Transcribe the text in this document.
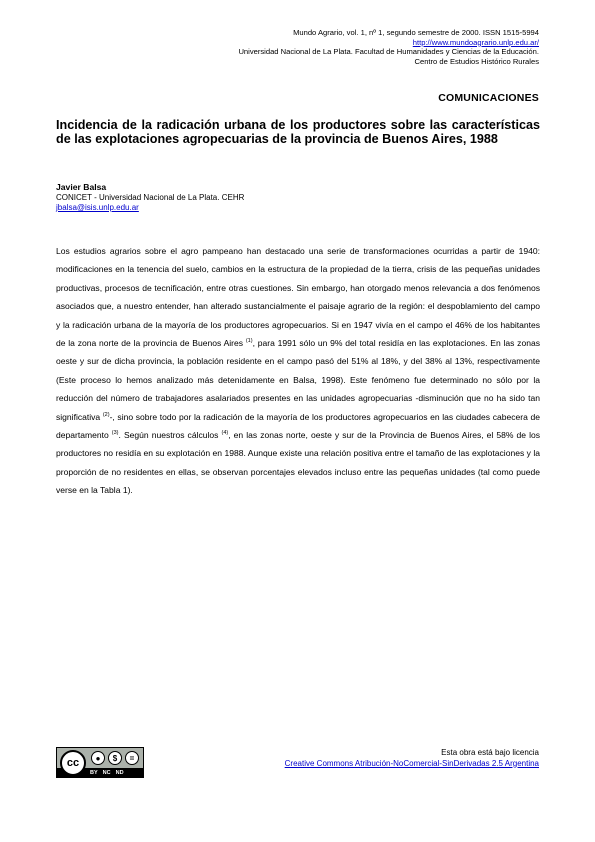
Mundo Agrario, vol. 1, nº 1, segundo semestre de 2000. ISSN 1515-5994
http://www.mundoagrario.unlp.edu.ar/
Universidad Nacional de La Plata. Facultad de Humanidades y Ciencias de la Educación.
Centro de Estudios Histórico Rurales
COMUNICACIONES
Incidencia de la radicación urbana de los productores sobre las características de las explotaciones agropecuarias de la provincia de Buenos Aires, 1988
Javier Balsa
CONICET - Universidad Nacional de La Plata. CEHR
jbalsa@isis.unlp.edu.ar

Los estudios agrarios sobre el agro pampeano han destacado una serie de transformaciones ocurridas a partir de 1940: modificaciones en la tenencia del suelo, cambios en la estructura de la propiedad de la tierra, crisis de las pequeñas unidades productivas, procesos de tecnificación, entre otras cuestiones. Sin embargo, han otorgado menos relevancia a dos fenómenos asociados que, a nuestro entender, han alterado sustancialmente el paisaje agrario de la región: el despoblamiento del campo y la radicación urbana de la mayoría de los productores agropecuarios. Si en 1947 vivía en el campo el 46% de los habitantes de la zona norte de la provincia de Buenos Aires $^{(1)}$, para 1991 sólo un 9% del total residía en las explotaciones. En las zonas oeste y sur de dicha provincia, la población residente en el campo pasó del 51% al 18%, y del 38% al 13%, respectivamente (Este proceso lo hemos analizado más detenidamente en Balsa, 1998). Este fenómeno fue determinado no sólo por la reducción del número de trabajadores asalariados presentes en las unidades agropecuarias -disminución que no ha sido tan significativa $^{(2)}$-, sino sobre todo por la radicación de la mayoría de los productores agropecuarios en las ciudades cabecera de departamento $^{(3)}$. Según nuestros cálculos $^{(4)}$, en las zonas norte, oeste y sur de la Provincia de Buenos Aires, el 58% de los productores no residía en su explotación en 1988. Aunque existe una relación positiva entre el tamaño de las explotaciones y la proporción de no residentes en ellas, se observan porcentajes elevados incluso entre las pequeñas unidades (tal como puede verse en la Tabla 1).

cc	●	$	=
BY NC ND
Esta obra está bajo licencia
Creative Commons Atribución-NoComercial-SinDerivadas 2.5 Argentina
